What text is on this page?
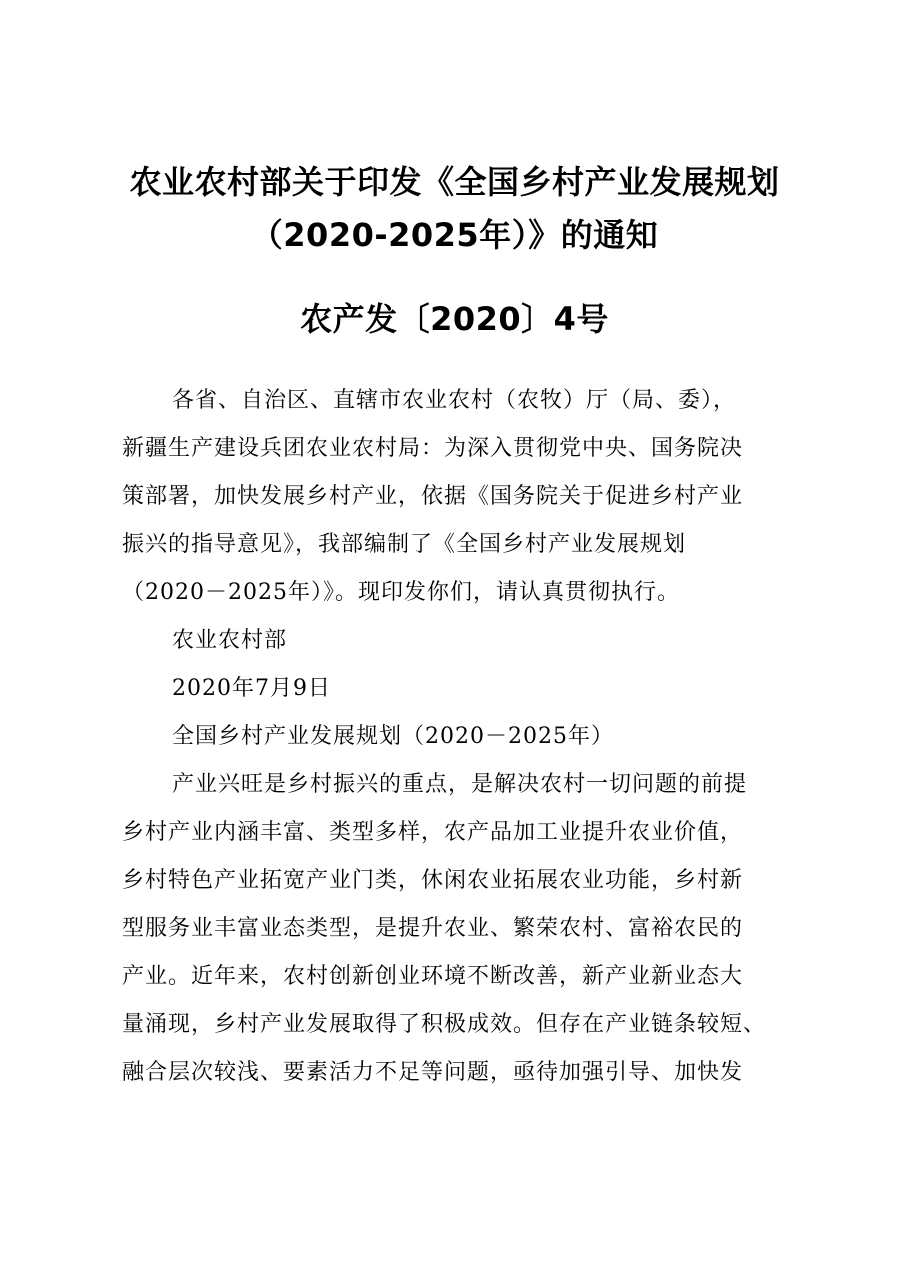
农业农村部关于印发《全国乡村产业发展规划
（2020-2025年）》的通知
农产发〔2020〕4号
各省、自治区、直辖市农业农村（农牧）厅（局、委），
新疆生产建设兵团农业农村局：为深入贯彻党中央、国务院决
策部署，加快发展乡村产业，依据《国务院关于促进乡村产业
振兴的指导意见》，我部编制了《全国乡村产业发展规划
（2020－2025年）》。现印发你们，请认真贯彻执行。
农业农村部
2020年7月9日
全国乡村产业发展规划（2020－2025年）
产业兴旺是乡村振兴的重点，是解决农村一切问题的前提
乡村产业内涵丰富、类型多样，农产品加工业提升农业价值，
乡村特色产业拓宽产业门类，休闲农业拓展农业功能，乡村新
型服务业丰富业态类型，是提升农业、繁荣农村、富裕农民的
产业。近年来，农村创新创业环境不断改善，新产业新业态大
量涌现，乡村产业发展取得了积极成效。但存在产业链条较短、
融合层次较浅、要素活力不足等问题，亟待加强引导、加快发
